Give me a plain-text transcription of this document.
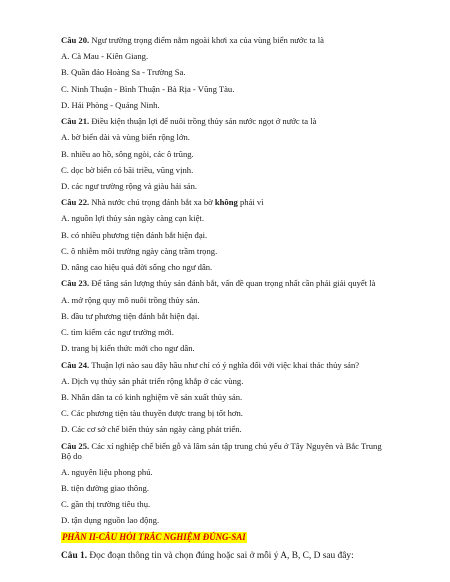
Câu 20. Ngư trường trọng điểm nằm ngoài khơi xa của vùng biển nước ta là

A. Cà Mau - Kiên Giang.

B. Quần đảo Hoàng Sa - Trường Sa.

C. Ninh Thuận - Bình Thuận - Bà Rịa - Vũng Tàu.

D. Hải Phòng - Quảng Ninh.

Câu 21. Điều kiện thuận lợi để nuôi trồng thủy sản nước ngọt ở nước ta là

A. bờ biển dài và vùng biển rộng lớn.

B. nhiều ao hồ, sông ngòi, các ô trũng.

C. dọc bờ biển có bãi triều, vũng vịnh.

D. các ngư trường rộng và giàu hải sản.

Câu 22. Nhà nước chú trọng đánh bắt xa bờ không phải vì

A. nguồn lợi thủy sản ngày càng cạn kiệt.

B. có nhiều phương tiện đánh bắt hiện đại.

C. ô nhiễm môi trường ngày càng trầm trọng.

D. nâng cao hiệu quả đời sống cho ngư dân.

Câu 23. Để tăng sản lượng thủy sản đánh bắt, vấn đề quan trọng nhất cần phải giải quyết là

A. mở rộng quy mô nuôi trồng thủy sản.

B. đầu tư phương tiện đánh bắt hiện đại.

C. tìm kiếm các ngư trường mới.

D. trang bị kiến thức mới cho ngư dân.

Câu 24. Thuận lợi nào sau đây hầu như chỉ có ý nghĩa đối với việc khai thác thủy sản?

A. Dịch vụ thủy sản phát triển rộng khắp ở các vùng.

B. Nhân dân ta có kinh nghiệm về sản xuất thủy sản.

C. Các phương tiện tàu thuyền được trang bị tốt hơn.

D. Các cơ sở chế biến thủy sản ngày càng phát triển.

Câu 25. Các xí nghiệp chế biến gỗ và lâm sản tập trung chủ yếu ở Tây Nguyên và Bắc Trung Bộ do

A. nguyên liệu phong phú.

B. tiện đường giao thông.

C. gần thị trường tiêu thụ.

D. tận dụng nguồn lao động.

PHẦN II-CÂU HỎI TRẮC NGHIỆM ĐÚNG-SAI

Câu 1. Đọc đoạn thông tin và chọn đúng hoặc sai ở mỗi ý A, B, C, D sau đây:
